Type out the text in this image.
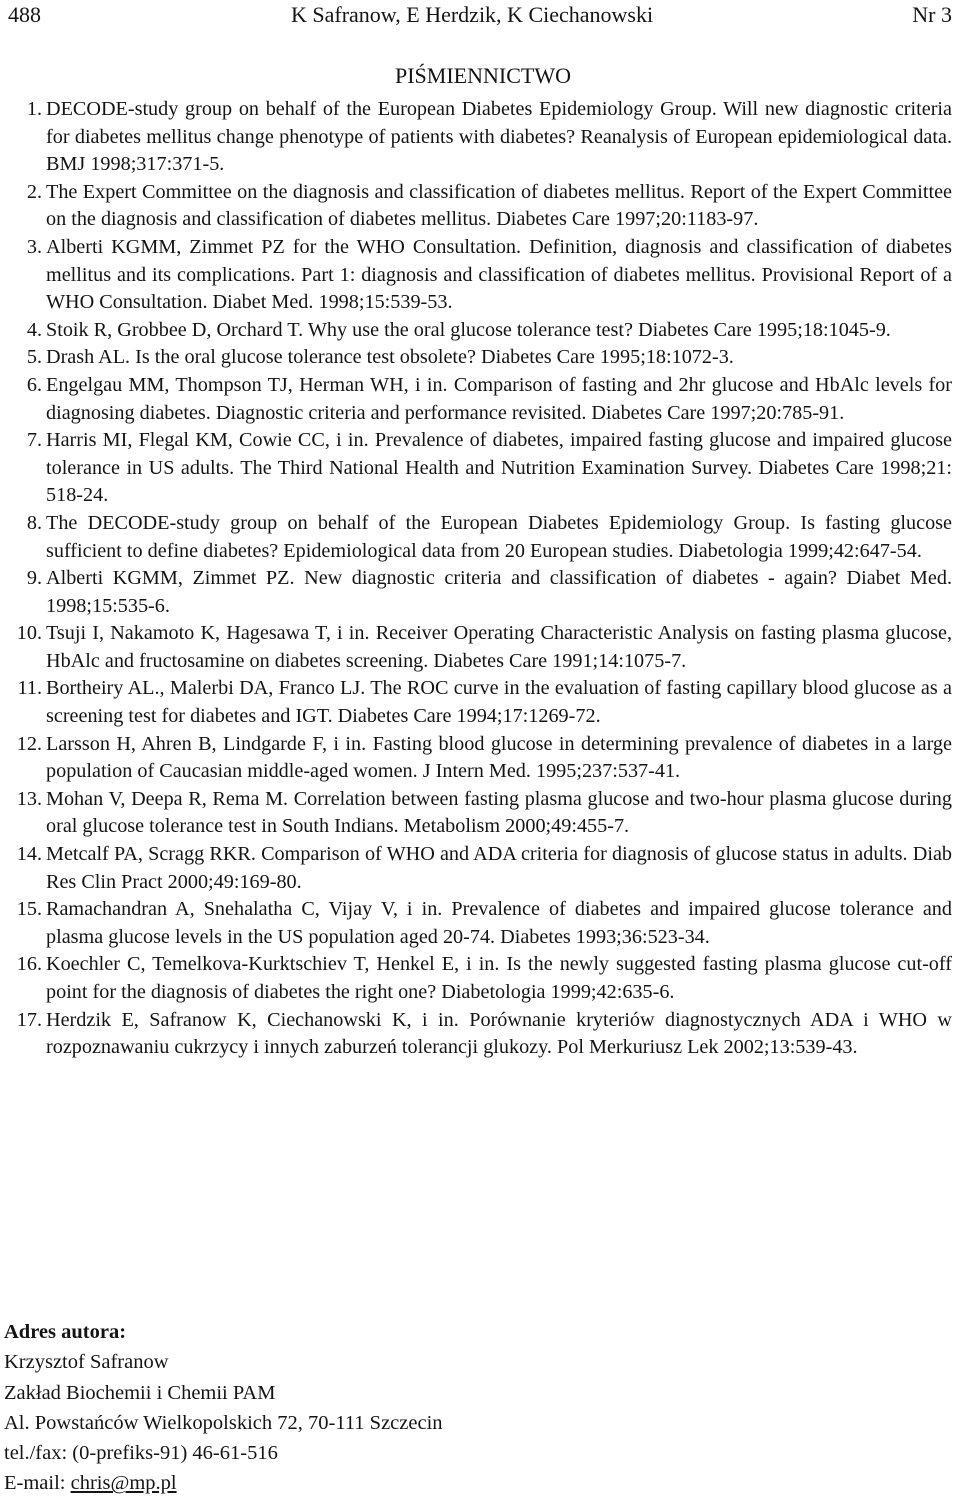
488	K Safranow, E Herdzik, K Ciechanowski	Nr 3
PIŚMIENNICTWO
1. DECODE-study group on behalf of the European Diabetes Epidemiology Group. Will new diagnostic criteria for diabetes mellitus change phenotype of patients with diabetes? Reanalysis of European epidemiological data. BMJ 1998;317:371-5.
2. The Expert Committee on the diagnosis and classification of diabetes mellitus. Report of the Expert Committee on the diagnosis and classification of diabetes mellitus. Diabetes Care 1997;20:1183-97.
3. Alberti KGMM, Zimmet PZ for the WHO Consultation. Definition, diagnosis and classification of diabetes mellitus and its complications. Part 1: diagnosis and classification of diabetes mellitus. Provisional Report of a WHO Consultation. Diabet Med. 1998;15:539-53.
4. Stoik R, Grobbee D, Orchard T. Why use the oral glucose tolerance test? Diabetes Care 1995;18:1045-9.
5. Drash AL. Is the oral glucose tolerance test obsolete? Diabetes Care 1995;18:1072-3.
6. Engelgau MM, Thompson TJ, Herman WH, i in. Comparison of fasting and 2hr glucose and HbAlc levels for diagnosing diabetes. Diagnostic criteria and performance revisited. Diabetes Care 1997;20:785-91.
7. Harris MI, Flegal KM, Cowie CC, i in. Prevalence of diabetes, impaired fasting glucose and impaired glucose tolerance in US adults. The Third National Health and Nutrition Examination Survey. Diabetes Care 1998;21: 518-24.
8. The DECODE-study group on behalf of the European Diabetes Epidemiology Group. Is fasting glucose sufficient to define diabetes? Epidemiological data from 20 European studies. Diabetologia 1999;42:647-54.
9. Alberti KGMM, Zimmet PZ. New diagnostic criteria and classification of diabetes - again? Diabet Med. 1998;15:535-6.
10. Tsuji I, Nakamoto K, Hagesawa T, i in. Receiver Operating Characteristic Analysis on fasting plasma glucose, HbAlc and fructosamine on diabetes screening. Diabetes Care 1991;14:1075-7.
11. Bortheiry AL., Malerbi DA, Franco LJ. The ROC curve in the evaluation of fasting capillary blood glucose as a screening test for diabetes and IGT. Diabetes Care 1994;17:1269-72.
12. Larsson H, Ahren B, Lindgarde F, i in. Fasting blood glucose in determining prevalence of diabetes in a large population of Caucasian middle-aged women. J Intern Med. 1995;237:537-41.
13. Mohan V, Deepa R, Rema M. Correlation between fasting plasma glucose and two-hour plasma glucose during oral glucose tolerance test in South Indians. Metabolism 2000;49:455-7.
14. Metcalf PA, Scragg RKR. Comparison of WHO and ADA criteria for diagnosis of glucose status in adults. Diab Res Clin Pract 2000;49:169-80.
15. Ramachandran A, Snehalatha C, Vijay V, i in. Prevalence of diabetes and impaired glucose tolerance and plasma glucose levels in the US population aged 20-74. Diabetes 1993;36:523-34.
16. Koechler C, Temelkova-Kurktschiev T, Henkel E, i in. Is the newly suggested fasting plasma glucose cut-off point for the diagnosis of diabetes the right one? Diabetologia 1999;42:635-6.
17. Herdzik E, Safranow K, Ciechanowski K, i in. Porównanie kryteriów diagnostycznych ADA i WHO w rozpoznawaniu cukrzycy i innych zaburzeń tolerancji glukozy. Pol Merkuriusz Lek 2002;13:539-43.
Adres autora:
Krzysztof Safranow
Zakład Biochemii i Chemii PAM
Al. Powstańców Wielkopolskich 72, 70-111 Szczecin
tel./fax: (0-prefiks-91) 46-61-516
E-mail: chris@mp.pl
